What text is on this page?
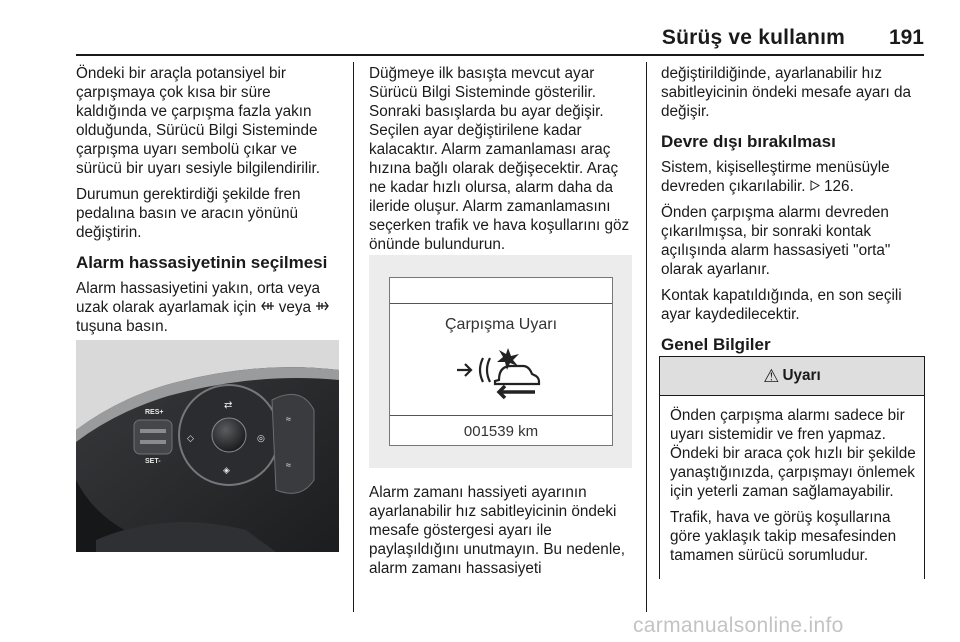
Sürüş ve kullanım 191

Öndeki bir araçla potansiyel bir çarpışmaya çok kısa bir süre kaldığında ve çarpışma fazla yakın olduğunda, Sürücü Bilgi Sisteminde çarpışma uyarı sembolü çıkar ve sürücü bir uyarı sesiyle bilgilendirilir.

Durumun gerektirdiği şekilde fren pedalına basın ve aracın yönünü değiştirin.

Alarm hassasiyetinin seçilmesi

Alarm hassasiyetini yakın, orta veya uzak olarak ayarlamak için veya  tuşuna basın.

RES+
SET-
⇄
◇	◎
◈
≈
≈

Düğmeye ilk basışta mevcut ayar Sürücü Bilgi Sisteminde gösterilir. Sonraki basışlarda bu ayar değişir. Seçilen ayar değiştirilene kadar kalacaktır. Alarm zamanlaması araç hızına bağlı olarak değişecektir. Araç ne kadar hızlı olursa, alarm daha da ileride oluşur. Alarm zamanlamasını seçerken trafik ve hava koşullarını göz önünde bulundurun.

Çarpışma Uyarı
001539 km

Alarm zamanı hassiyeti ayarının ayarlanabilir hız sabitleyicinin öndeki mesafe göstergesi ayarı ile paylaşıldığını unutmayın. Bu nedenle, alarm zamanı hassasiyeti

değiştirildiğinde, ayarlanabilir hız sabitleyicinin öndeki mesafe ayarı da değişir.

Devre dışı bırakılması

Sistem, kişiselleştirme menüsüyle devreden çıkarılabilir. 126.

Önden çarpışma alarmı devreden çıkarılmışsa, bir sonraki kontak açılışında alarm hassasiyeti "orta" olarak ayarlanır.

Kontak kapatıldığında, en son seçili ayar kaydedilecektir.

Genel Bilgiler
⚠ Uyarı

Önden çarpışma alarmı sadece bir uyarı sistemidir ve fren yapmaz. Öndeki bir araca çok hızlı bir şekilde yanaştığınızda, çarpışmayı önlemek için yeterli zaman sağlamayabilir.

Trafik, hava ve görüş koşullarına göre yaklaşık takip mesafesinden tamamen sürücü sorumludur.

carmanualsonline.info
